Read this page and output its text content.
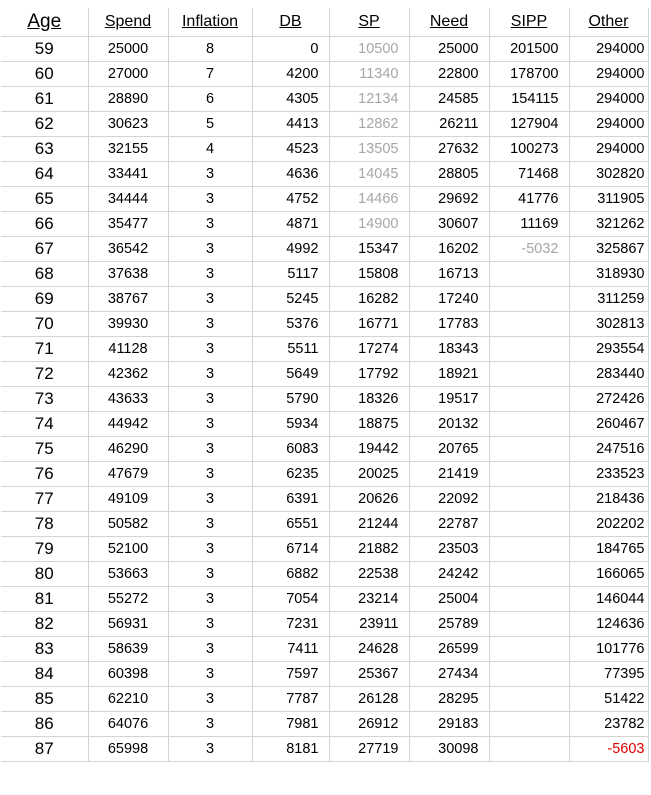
Age	Spend	Inflation	DB	SP	Need	SIPP	Other
59	25000	8	0	10500	25000	201500	294000
60	27000	7	4200	11340	22800	178700	294000
61	28890	6	4305	12134	24585	154115	294000
62	30623	5	4413	12862	26211	127904	294000
63	32155	4	4523	13505	27632	100273	294000
64	33441	3	4636	14045	28805	71468	302820
65	34444	3	4752	14466	29692	41776	311905
66	35477	3	4871	14900	30607	11169	321262
67	36542	3	4992	15347	16202	-5032	325867
68	37638	3	5117	15808	16713		318930
69	38767	3	5245	16282	17240		311259
70	39930	3	5376	16771	17783		302813
71	41128	3	5511	17274	18343		293554
72	42362	3	5649	17792	18921		283440
73	43633	3	5790	18326	19517		272426
74	44942	3	5934	18875	20132		260467
75	46290	3	6083	19442	20765		247516
76	47679	3	6235	20025	21419		233523
77	49109	3	6391	20626	22092		218436
78	50582	3	6551	21244	22787		202202
79	52100	3	6714	21882	23503		184765
80	53663	3	6882	22538	24242		166065
81	55272	3	7054	23214	25004		146044
82	56931	3	7231	23911	25789		124636
83	58639	3	7411	24628	26599		101776
84	60398	3	7597	25367	27434		77395
85	62210	3	7787	26128	28295		51422
86	64076	3	7981	26912	29183		23782
87	65998	3	8181	27719	30098		-5603
